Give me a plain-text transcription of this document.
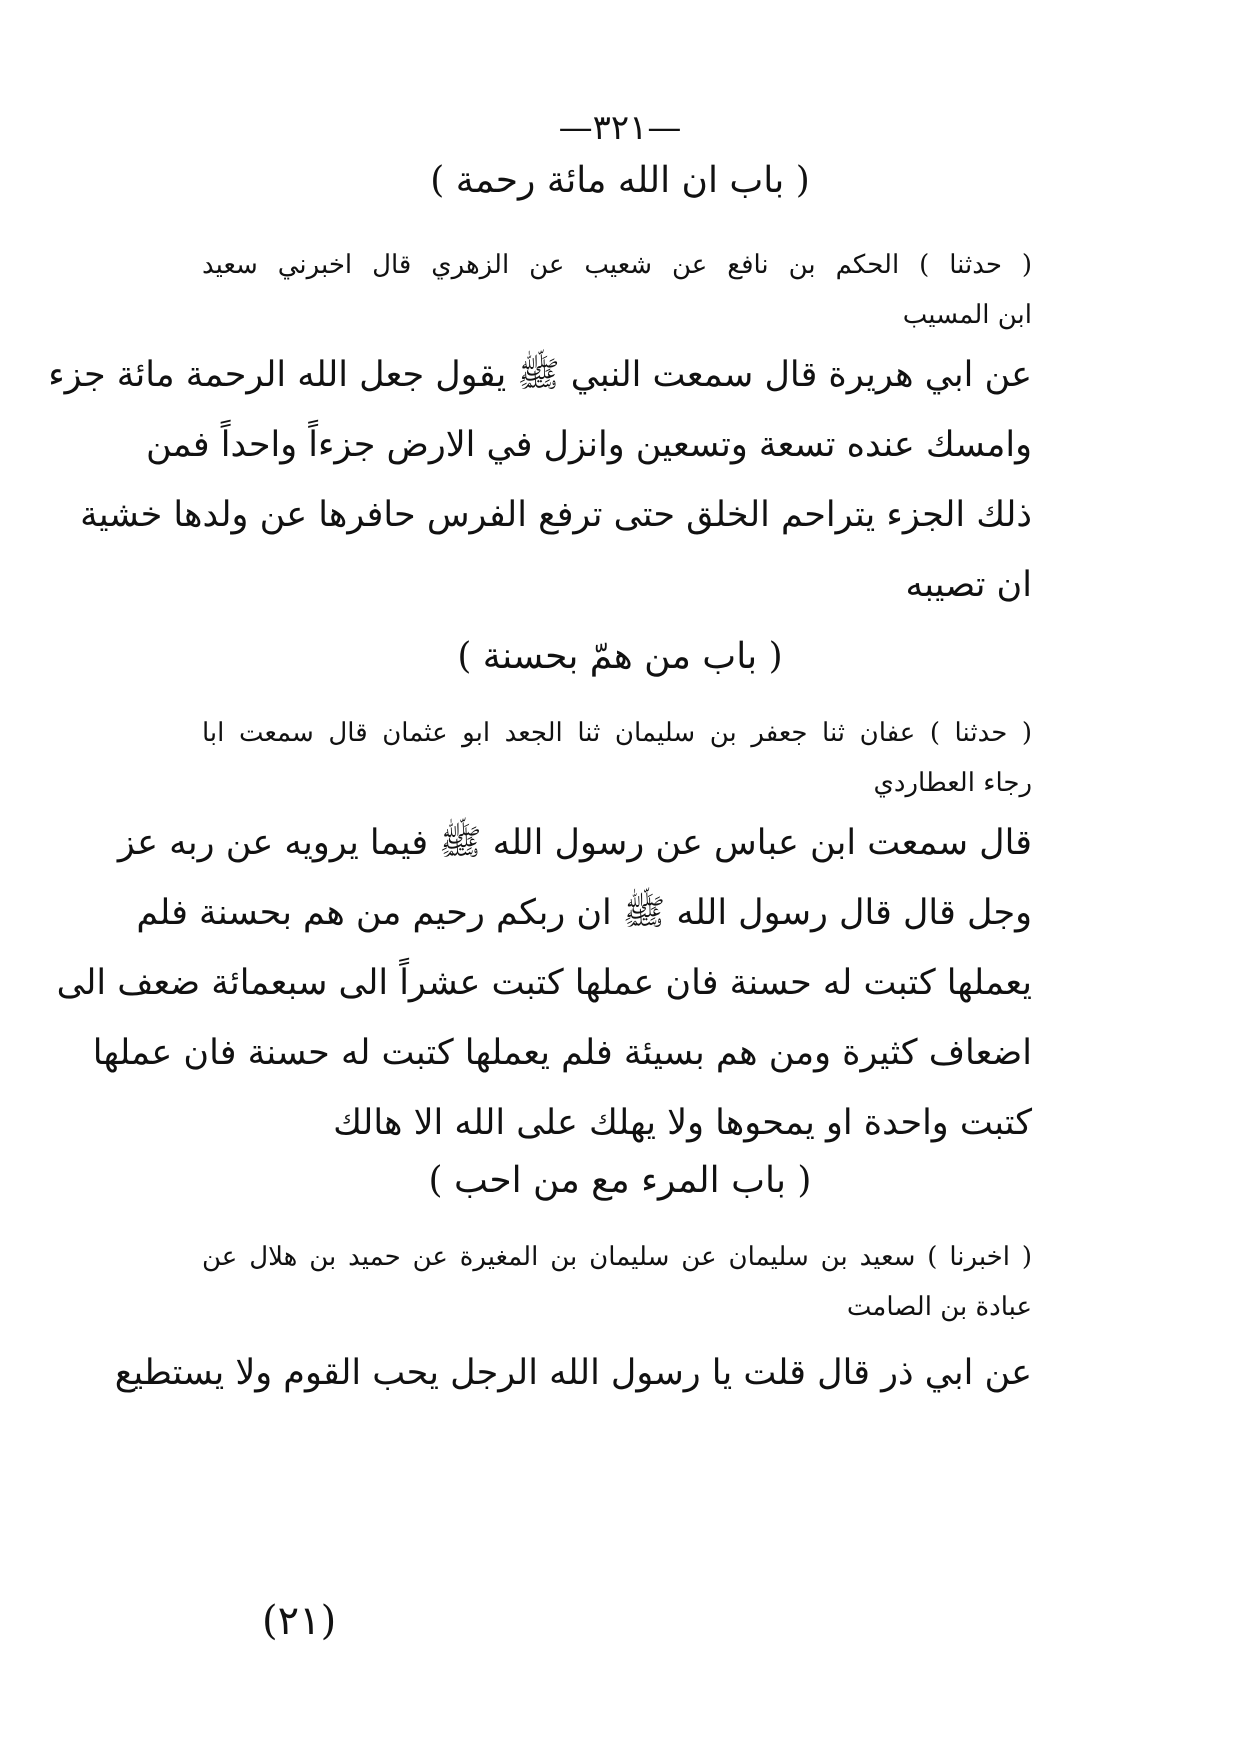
—٣٢١—
( باب ان الله مائة رحمة )
( حدثنا ) الحكم بن نافع عن شعيب عن الزهري قال اخبرني سعيد
ابن المسيب
عن ابي هريرة قال سمعت النبي ﷺ يقول جعل الله الرحمة مائة جزء
وامسك عنده تسعة وتسعين وانزل في الارض جزءاً واحداً فمن
ذلك الجزء يتراحم الخلق حتى ترفع الفرس حافرها عن ولدها خشية
ان تصيبه
( باب من همّ بحسنة )
( حدثنا ) عفان ثنا جعفر بن سليمان ثنا الجعد ابو عثمان قال سمعت ابا
رجاء العطاردي
قال سمعت ابن عباس عن رسول الله ﷺ فيما يرويه عن ربه عز
وجل قال قال رسول الله ﷺ ان ربكم رحيم من هم بحسنة فلم
يعملها كتبت له حسنة فان عملها كتبت عشراً الى سبعمائة ضعف الى
اضعاف كثيرة ومن هم بسيئة فلم يعملها كتبت له حسنة فان عملها
كتبت واحدة او يمحوها ولا يهلك على الله الا هالك
( باب المرء مع من احب )
( اخبرنا ) سعيد بن سليمان عن سليمان بن المغيرة عن حميد بن هلال عن
عبادة بن الصامت
عن ابي ذر قال قلت يا رسول الله الرجل يحب القوم ولا يستطيع
(٢١)
